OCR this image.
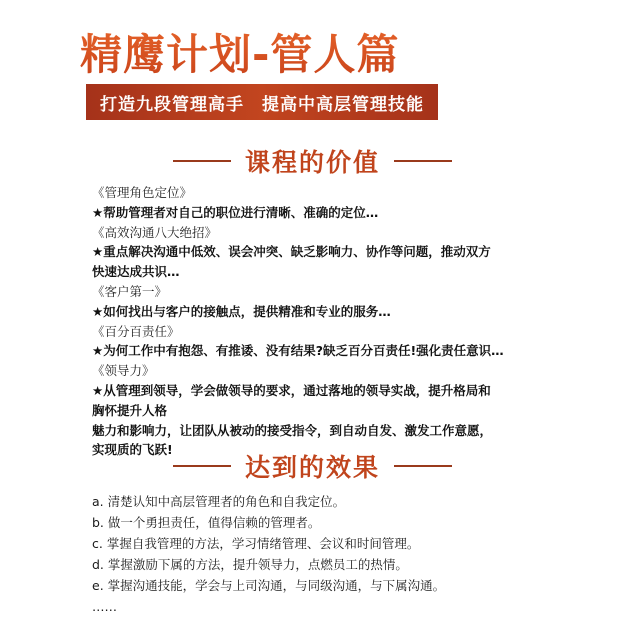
精鹰计划-管人篇
打造九段管理高手　提高中高层管理技能
课程的价值
《管理角色定位》
★帮助管理者对自己的职位进行清晰、准确的定位…
《高效沟通八大绝招》
★重点解决沟通中低效、误会冲突、缺乏影响力、协作等问题，推动双方
快速达成共识…
《客户第一》
★如何找出与客户的接触点，提供精准和专业的服务…
《百分百责任》
★为何工作中有抱怨、有推诿、没有结果?缺乏百分百责任!强化责任意识…
《领导力》
★从管理到领导，学会做领导的要求，通过落地的领导实战，提升格局和
胸怀提升人格
魅力和影响力，让团队从被动的接受指令，到自动自发、激发工作意愿，
实现质的飞跃!
达到的效果
a. 清楚认知中高层管理者的角色和自我定位。
b. 做一个勇担责任，值得信赖的管理者。
c. 掌握自我管理的方法，学习情绪管理、会议和时间管理。
d. 掌握激励下属的方法，提升领导力，点燃员工的热情。
e. 掌握沟通技能，学会与上司沟通，与同级沟通，与下属沟通。
……
